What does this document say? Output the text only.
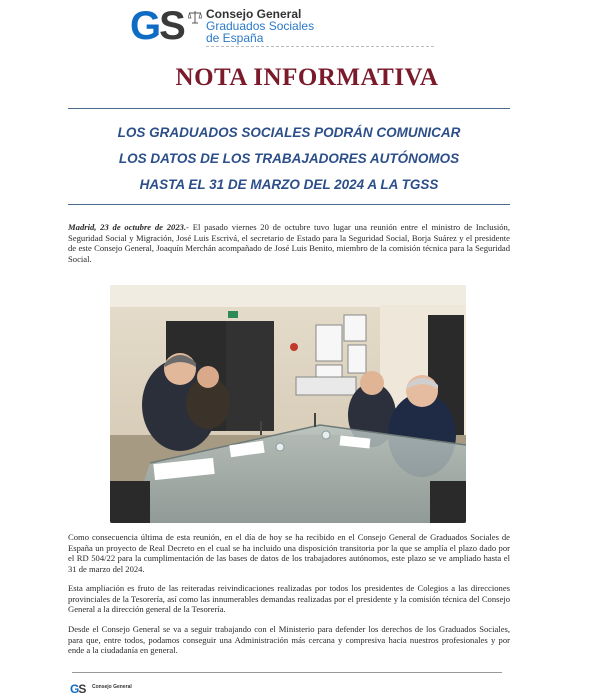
GS Consejo General
Graduados Sociales
de España
NOTA INFORMATIVA
LOS GRADUADOS SOCIALES PODRÁN COMUNICAR
LOS DATOS DE LOS TRABAJADORES AUTÓNOMOS
HASTA EL 31 DE MARZO DEL 2024 A LA TGSS
Madrid, 23 de octubre de 2023.- El pasado viernes 20 de octubre tuvo lugar una reunión entre el ministro de Inclusión, Seguridad Social y Migración, José Luis Escrivá, el secretario de Estado para la Seguridad Social, Borja Suárez y el presidente de este Consejo General, Joaquín Merchán acompañado de José Luis Benito, miembro de la comisión técnica para la Seguridad Social.
Como consecuencia última de esta reunión, en el día de hoy se ha recibido en el Consejo General de Graduados Sociales de España un proyecto de Real Decreto en el cual se ha incluido una disposición transitoria por la que se amplía el plazo dado por el RD 504/22 para la cumplimentación de las bases de datos de los trabajadores autónomos, este plazo se ve ampliado hasta el 31 de marzo del 2024.
Esta ampliación es fruto de las reiteradas reivindicaciones realizadas por todos los presidentes de Colegios a las direcciones provinciales de la Tesorería, así como las innumerables demandas realizadas por el presidente y la comisión técnica del Consejo General a la dirección general de la Tesorería.
Desde el Consejo General se va a seguir trabajando con el Ministerio para defender los derechos de los Graduados Sociales, para que, entre todos, podamos conseguir una Administración más cercana y compresiva hacia nuestros profesionales y por ende a la ciudadanía en general.
GS Consejo General
